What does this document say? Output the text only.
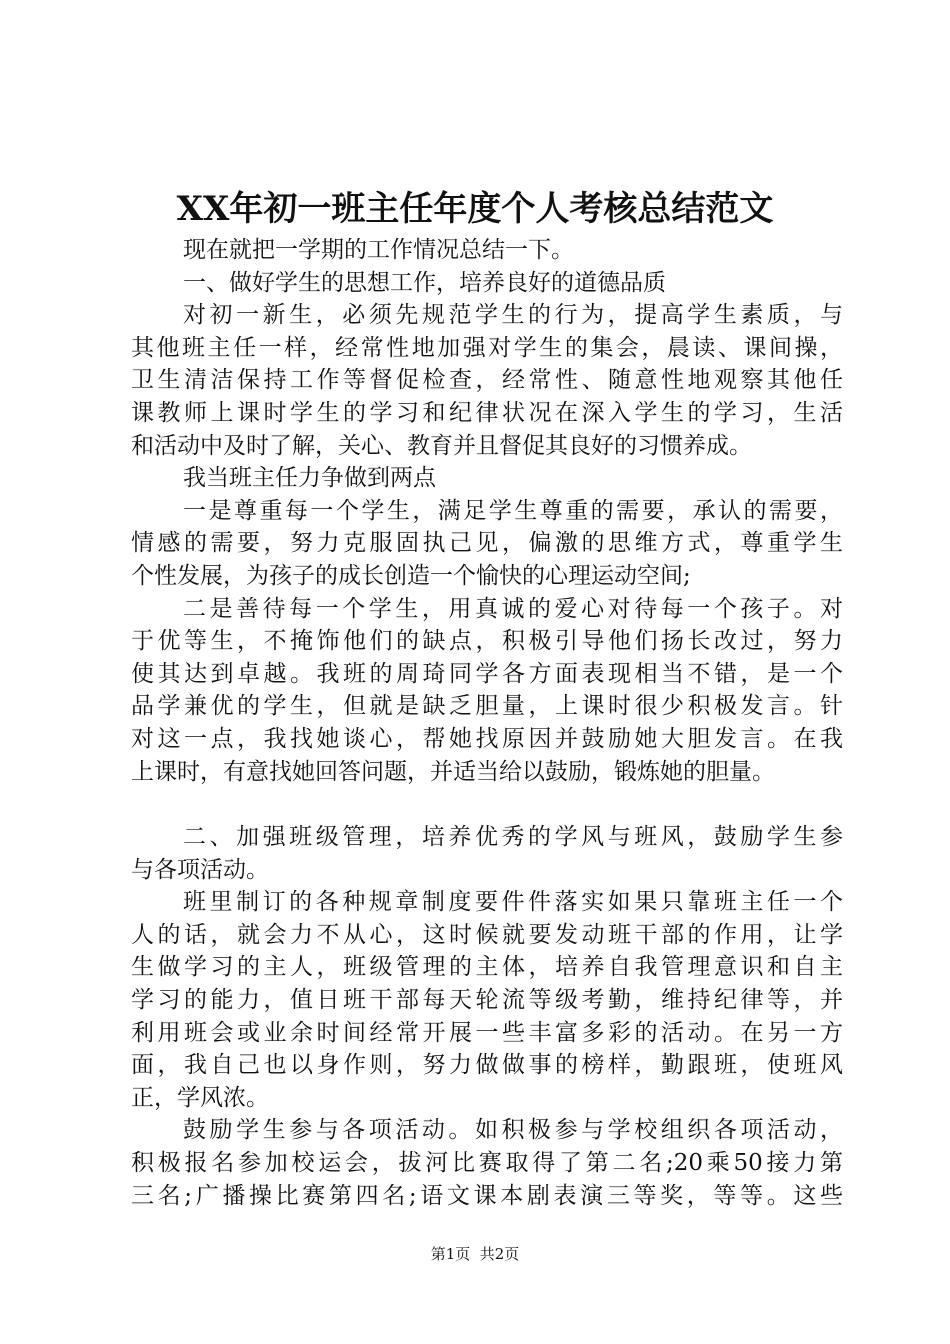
XX年初一班主任年度个人考核总结范文
现在就把一学期的工作情况总结一下。
一、做好学生的思想工作，培养良好的道德品质
对初一新生，必须先规范学生的行为，提高学生素质，与
其他班主任一样，经常性地加强对学生的集会，晨读、课间操，
卫生清洁保持工作等督促检查，经常性、随意性地观察其他任
课教师上课时学生的学习和纪律状况在深入学生的学习，生活
和活动中及时了解，关心、教育并且督促其良好的习惯养成。
我当班主任力争做到两点
一是尊重每一个学生，满足学生尊重的需要，承认的需要，
情感的需要，努力克服固执己见，偏激的思维方式，尊重学生
个性发展，为孩子的成长创造一个愉快的心理运动空间;
二是善待每一个学生，用真诚的爱心对待每一个孩子。对
于优等生，不掩饰他们的缺点，积极引导他们扬长改过，努力
使其达到卓越。我班的周琦同学各方面表现相当不错，是一个
品学兼优的学生，但就是缺乏胆量，上课时很少积极发言。针
对这一点，我找她谈心，帮她找原因并鼓励她大胆发言。在我
上课时，有意找她回答问题，并适当给以鼓励，锻炼她的胆量。
二、加强班级管理，培养优秀的学风与班风，鼓励学生参
与各项活动。
班里制订的各种规章制度要件件落实如果只靠班主任一个
人的话，就会力不从心，这时候就要发动班干部的作用，让学
生做学习的主人，班级管理的主体，培养自我管理意识和自主
学习的能力，值日班干部每天轮流等级考勤，维持纪律等，并
利用班会或业余时间经常开展一些丰富多彩的活动。在另一方
面，我自己也以身作则，努力做做事的榜样，勤跟班，使班风
正，学风浓。
鼓励学生参与各项活动。如积极参与学校组织各项活动，
积极报名参加校运会，拔河比赛取得了第二名;20乘50接力第
三名;广播操比赛第四名;语文课本剧表演三等奖，等等。这些
第1页  共2页
